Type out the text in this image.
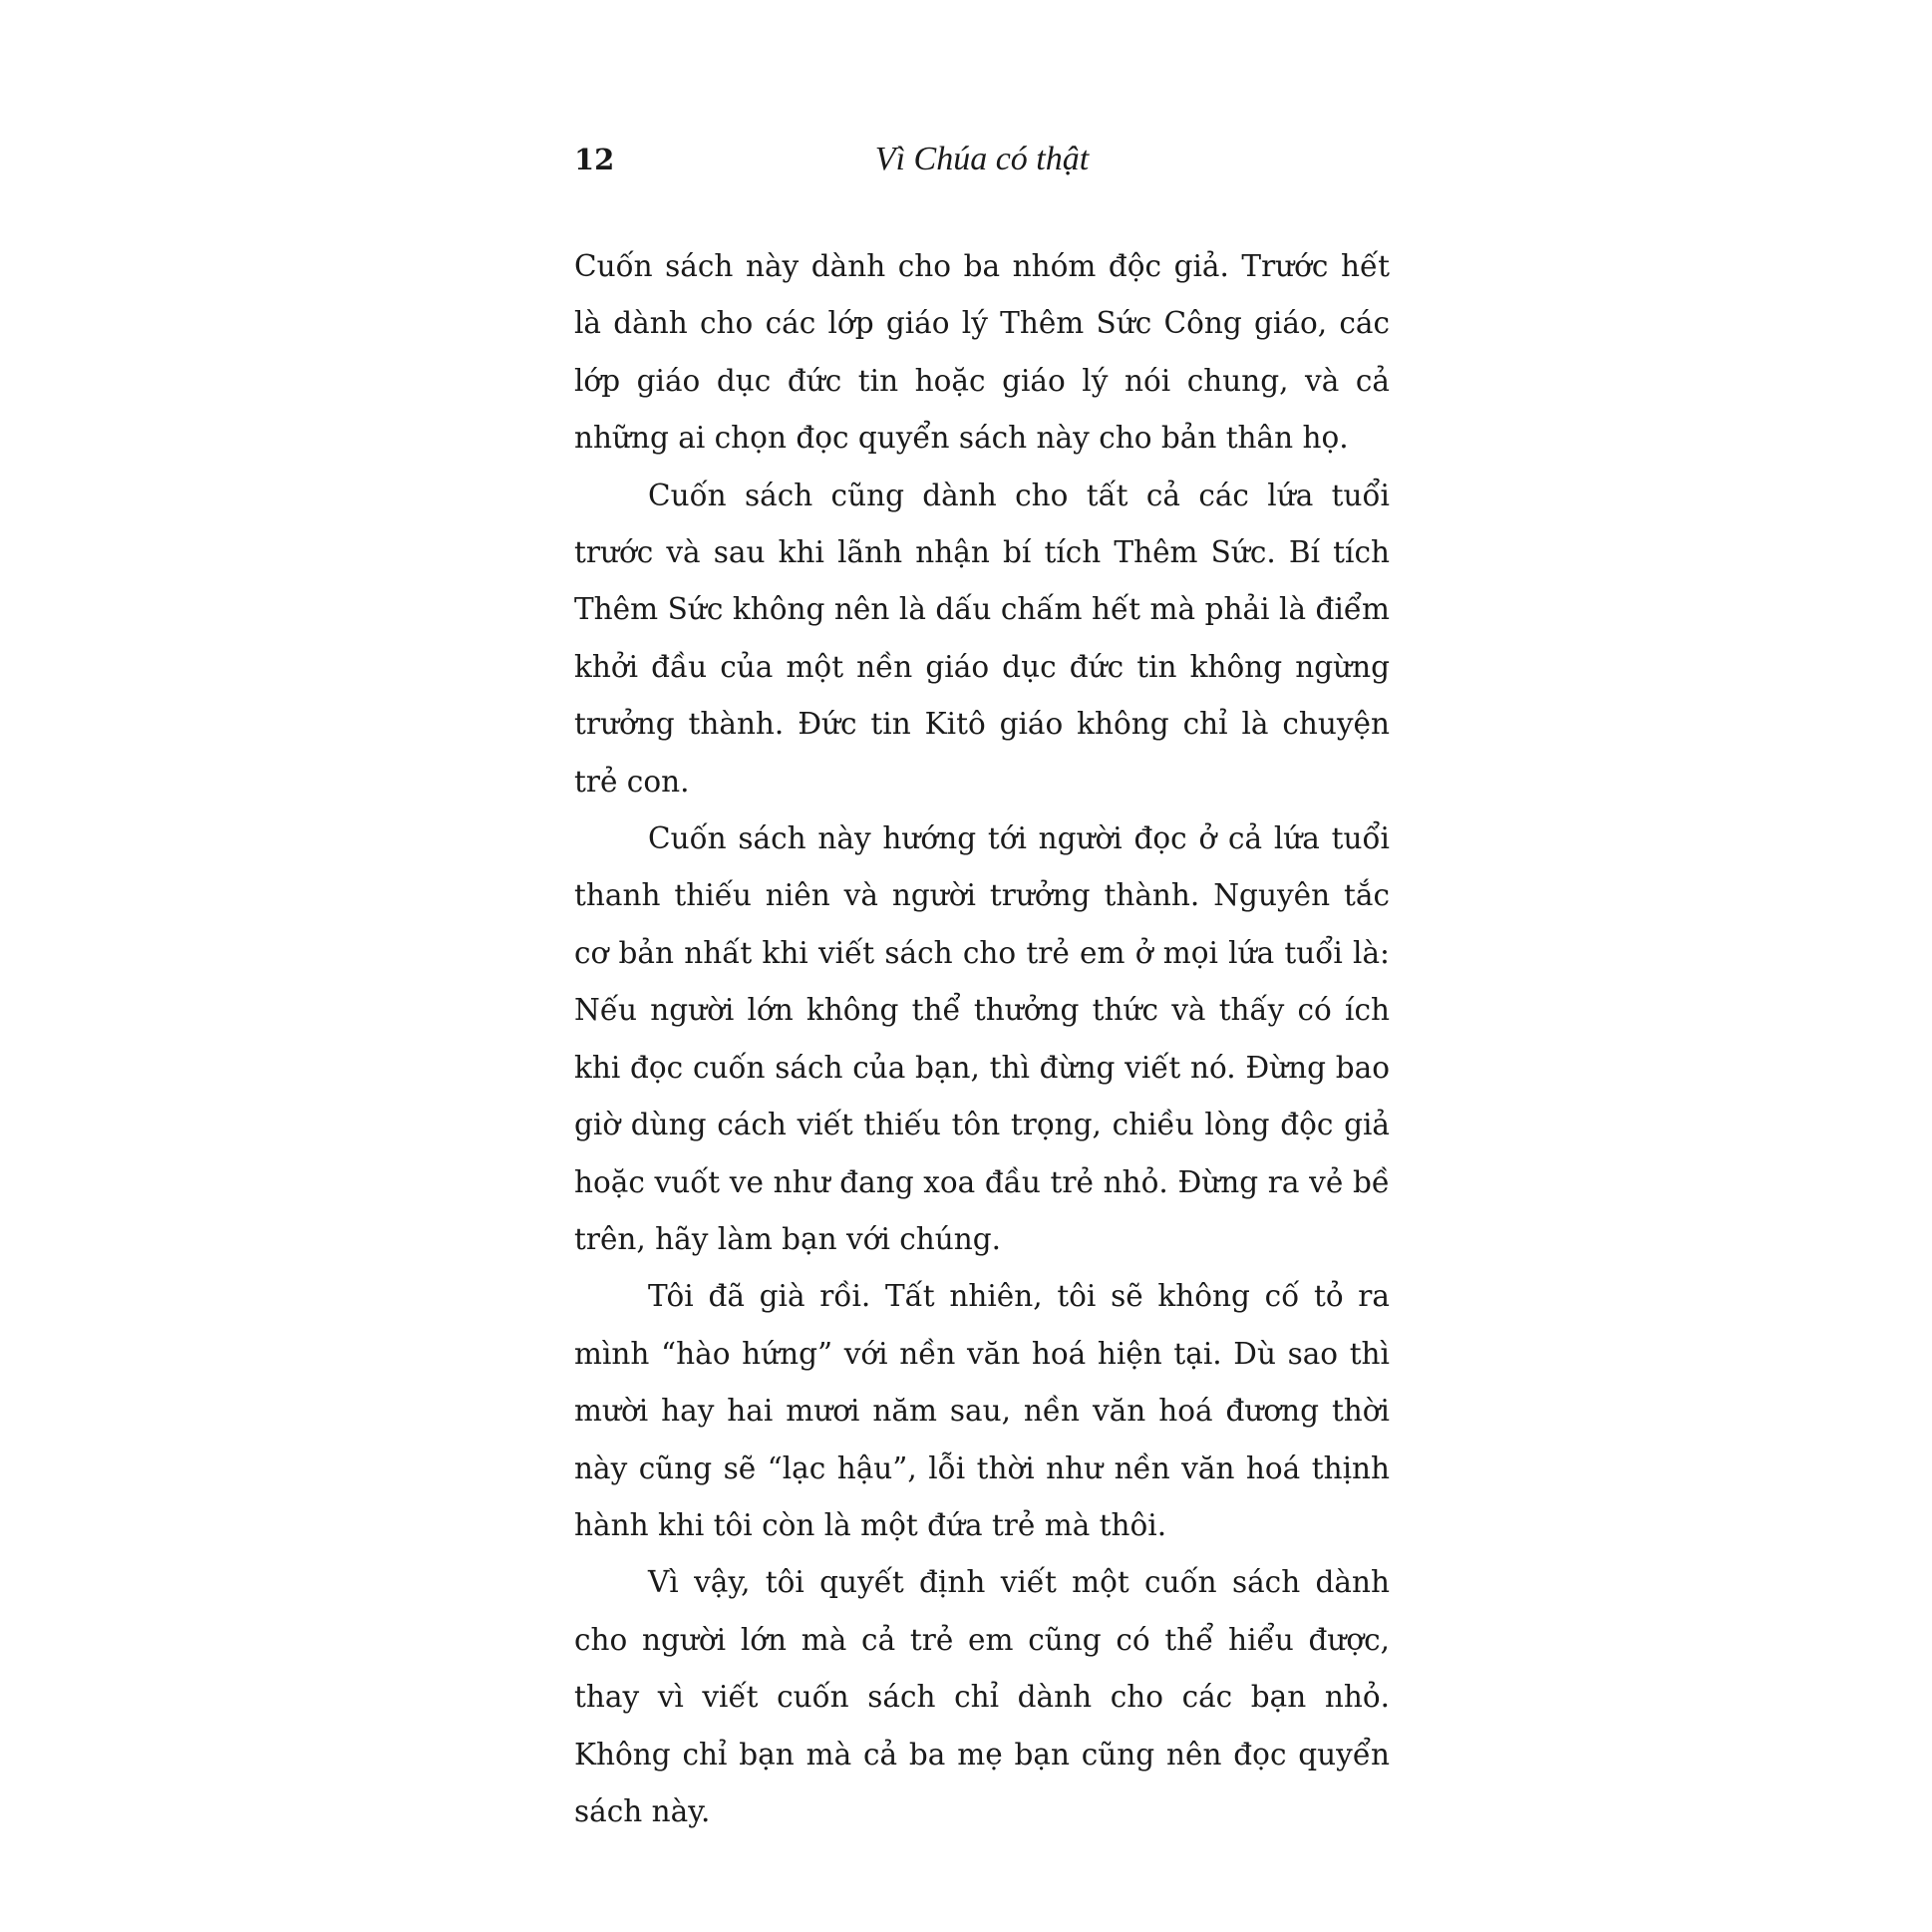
12	Vì Chúa có thật

Cuốn sách này dành cho ba nhóm độc giả. Trước hết là dành cho các lớp giáo lý Thêm Sức Công giáo, các lớp giáo dục đức tin hoặc giáo lý nói chung, và cả những ai chọn đọc quyển sách này cho bản thân họ.

Cuốn sách cũng dành cho tất cả các lứa tuổi trước và sau khi lãnh nhận bí tích Thêm Sức. Bí tích Thêm Sức không nên là dấu chấm hết mà phải là điểm khởi đầu của một nền giáo dục đức tin không ngừng trưởng thành. Đức tin Kitô giáo không chỉ là chuyện trẻ con.

Cuốn sách này hướng tới người đọc ở cả lứa tuổi thanh thiếu niên và người trưởng thành. Nguyên tắc cơ bản nhất khi viết sách cho trẻ em ở mọi lứa tuổi là: Nếu người lớn không thể thưởng thức và thấy có ích khi đọc cuốn sách của bạn, thì đừng viết nó. Đừng bao giờ dùng cách viết thiếu tôn trọng, chiều lòng độc giả hoặc vuốt ve như đang xoa đầu trẻ nhỏ. Đừng ra vẻ bề trên, hãy làm bạn với chúng.

Tôi đã già rồi. Tất nhiên, tôi sẽ không cố tỏ ra mình “hào hứng” với nền văn hoá hiện tại. Dù sao thì mười hay hai mươi năm sau, nền văn hoá đương thời này cũng sẽ “lạc hậu”, lỗi thời như nền văn hoá thịnh hành khi tôi còn là một đứa trẻ mà thôi.

Vì vậy, tôi quyết định viết một cuốn sách dành cho người lớn mà cả trẻ em cũng có thể hiểu được, thay vì viết cuốn sách chỉ dành cho các bạn nhỏ. Không chỉ bạn mà cả ba mẹ bạn cũng nên đọc quyển sách này.
